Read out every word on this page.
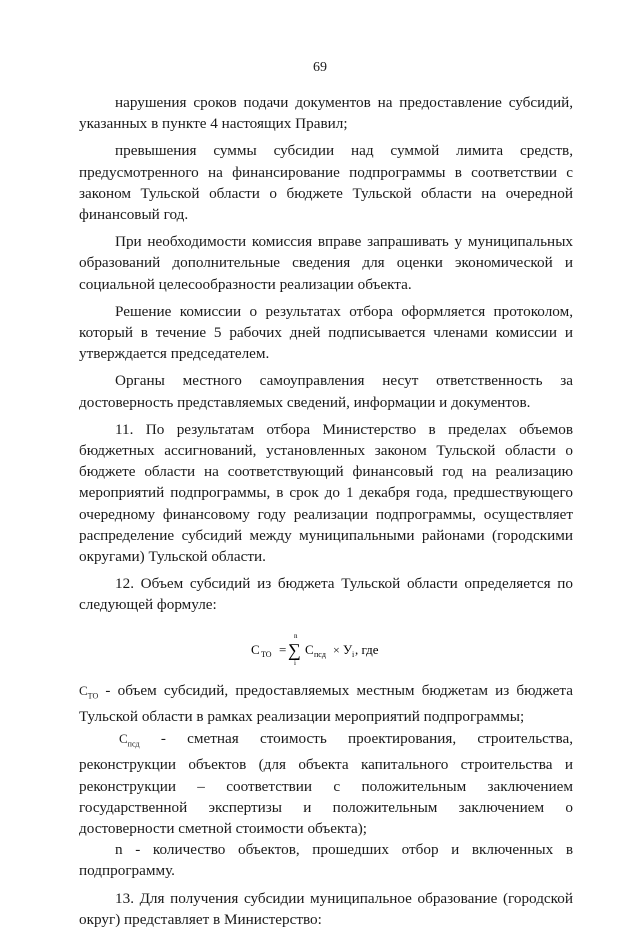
69

нарушения сроков подачи документов на предоставление субсидий, указанных в пункте 4 настоящих Правил;

превышения суммы субсидии над суммой лимита средств, предусмотренного на финансирование подпрограммы в соответствии с законом Тульской области о бюджете Тульской области на очередной финансовый год.

При необходимости комиссия вправе запрашивать у муниципальных образований дополнительные сведения для оценки экономической и социальной целесообразности реализации объекта.

Решение комиссии о результатах отбора оформляется протоколом, который в течение 5 рабочих дней подписывается членами комиссии и утверждается председателем.

Органы местного самоуправления несут ответственность за достоверность представляемых сведений, информации и документов.

11. По результатам отбора Министерство в пределах объемов бюджетных ассигнований, установленных законом Тульской области о бюджете области на соответствующий финансовый год на реализацию мероприятий подпрограммы, в срок до 1 декабря года, предшествующего очередному финансовому году реализации подпрограммы, осуществляет распределение субсидий между муниципальными районами (городскими округами) Тульской области.

12. Объем субсидий из бюджета Тульской области определяется по следующей формуле:

С ТО =
n
∑
i
С псд × У i , где

$С_{ТО}$ - объем субсидий, предоставляемых местным бюджетам из бюджета Тульской области в рамках реализации мероприятий подпрограммы;

$С_{псд}$ - сметная стоимость проектирования, строительства, реконструкции объектов (для объекта капитального строительства и реконструкции – соответствии с положительным заключением государственной экспертизы и положительным заключением о достоверности сметной стоимости объекта);

n - количество объектов, прошедших отбор и включенных в подпрограмму.

13. Для получения субсидии муниципальное образование (городской округ) представляет в Министерство:
